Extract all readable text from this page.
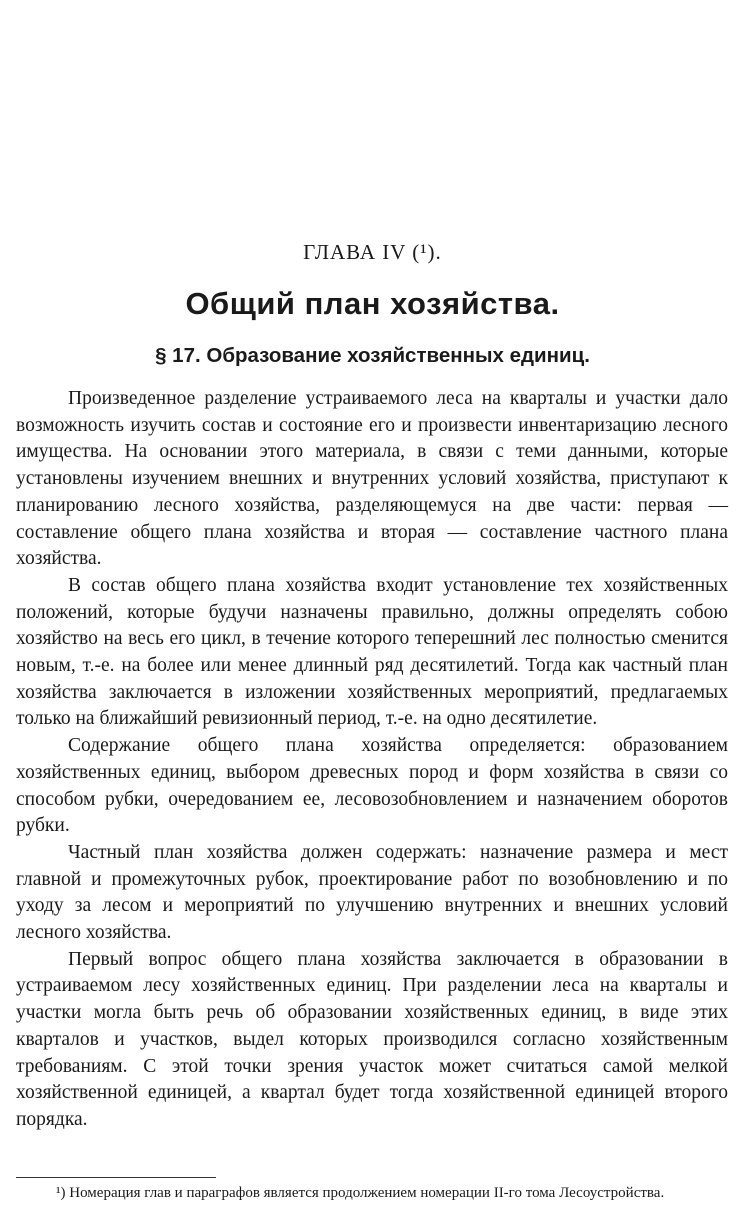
ГЛАВА IV (¹).
Общий план хозяйства.
§ 17. Образование хозяйственных единиц.

Произведенное разделение устраиваемого леса на кварталы и участки дало возможность изучить состав и состояние его и произвести инвентаризацию лесного имущества. На основании этого материала, в связи с теми данными, которые установлены изучением внешних и внутренних условий хозяйства, приступают к планированию лесного хозяйства, разделяющемуся на две части: первая — составление общего плана хозяйства и вторая — составление частного плана хозяйства.

В состав общего плана хозяйства входит установление тех хозяйственных положений, которые будучи назначены правильно, должны определять собою хозяйство на весь его цикл, в течение которого теперешний лес полностью сменится новым, т.-е. на более или менее длинный ряд десятилетий. Тогда как частный план хозяйства заключается в изложении хозяйственных мероприятий, предлагаемых только на ближайший ревизионный период, т.-е. на одно десятилетие.

Содержание общего плана хозяйства определяется: образованием хозяйственных единиц, выбором древесных пород и форм хозяйства в связи со способом рубки, очередованием ее, лесовозобновлением и назначением оборотов рубки.

Частный план хозяйства должен содержать: назначение размера и мест главной и промежуточных рубок, проектирование работ по возобновлению и по уходу за лесом и мероприятий по улучшению внутренних и внешних условий лесного хозяйства.

Первый вопрос общего плана хозяйства заключается в образовании в устраиваемом лесу хозяйственных единиц. При разделении леса на кварталы и участки могла быть речь об образовании хозяйственных единиц, в виде этих кварталов и участков, выдел которых производился согласно хозяйственным требованиям. С этой точки зрения участок может считаться самой мелкой хозяйственной единицей, а квартал будет тогда хозяйственной единицей второго порядка.

¹) Номерация глав и параграфов является продолжением номерации II-го тома Лесоустройства.
